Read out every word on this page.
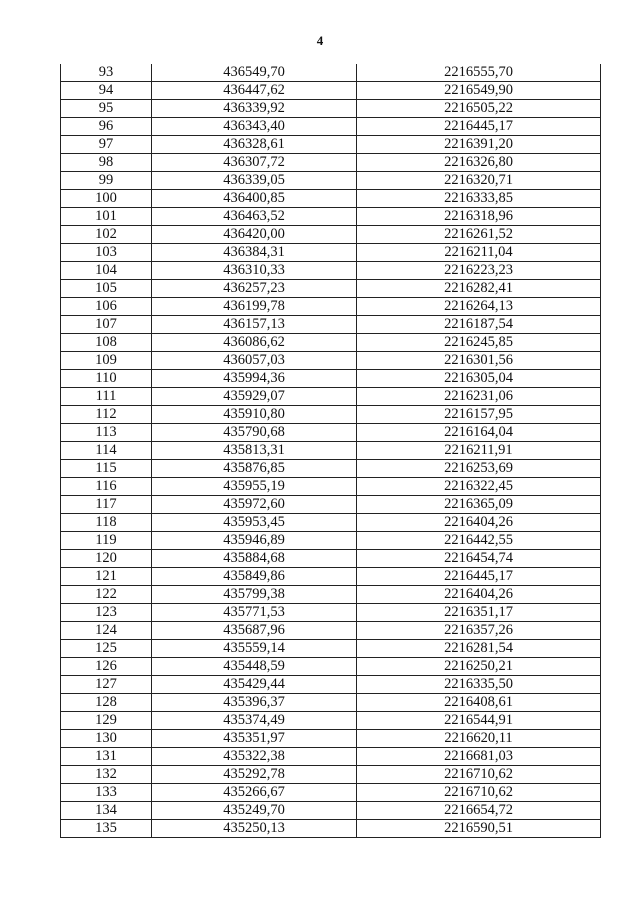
4
93	436549,70	2216555,70
94	436447,62	2216549,90
95	436339,92	2216505,22
96	436343,40	2216445,17
97	436328,61	2216391,20
98	436307,72	2216326,80
99	436339,05	2216320,71
100	436400,85	2216333,85
101	436463,52	2216318,96
102	436420,00	2216261,52
103	436384,31	2216211,04
104	436310,33	2216223,23
105	436257,23	2216282,41
106	436199,78	2216264,13
107	436157,13	2216187,54
108	436086,62	2216245,85
109	436057,03	2216301,56
110	435994,36	2216305,04
111	435929,07	2216231,06
112	435910,80	2216157,95
113	435790,68	2216164,04
114	435813,31	2216211,91
115	435876,85	2216253,69
116	435955,19	2216322,45
117	435972,60	2216365,09
118	435953,45	2216404,26
119	435946,89	2216442,55
120	435884,68	2216454,74
121	435849,86	2216445,17
122	435799,38	2216404,26
123	435771,53	2216351,17
124	435687,96	2216357,26
125	435559,14	2216281,54
126	435448,59	2216250,21
127	435429,44	2216335,50
128	435396,37	2216408,61
129	435374,49	2216544,91
130	435351,97	2216620,11
131	435322,38	2216681,03
132	435292,78	2216710,62
133	435266,67	2216710,62
134	435249,70	2216654,72
135	435250,13	2216590,51
